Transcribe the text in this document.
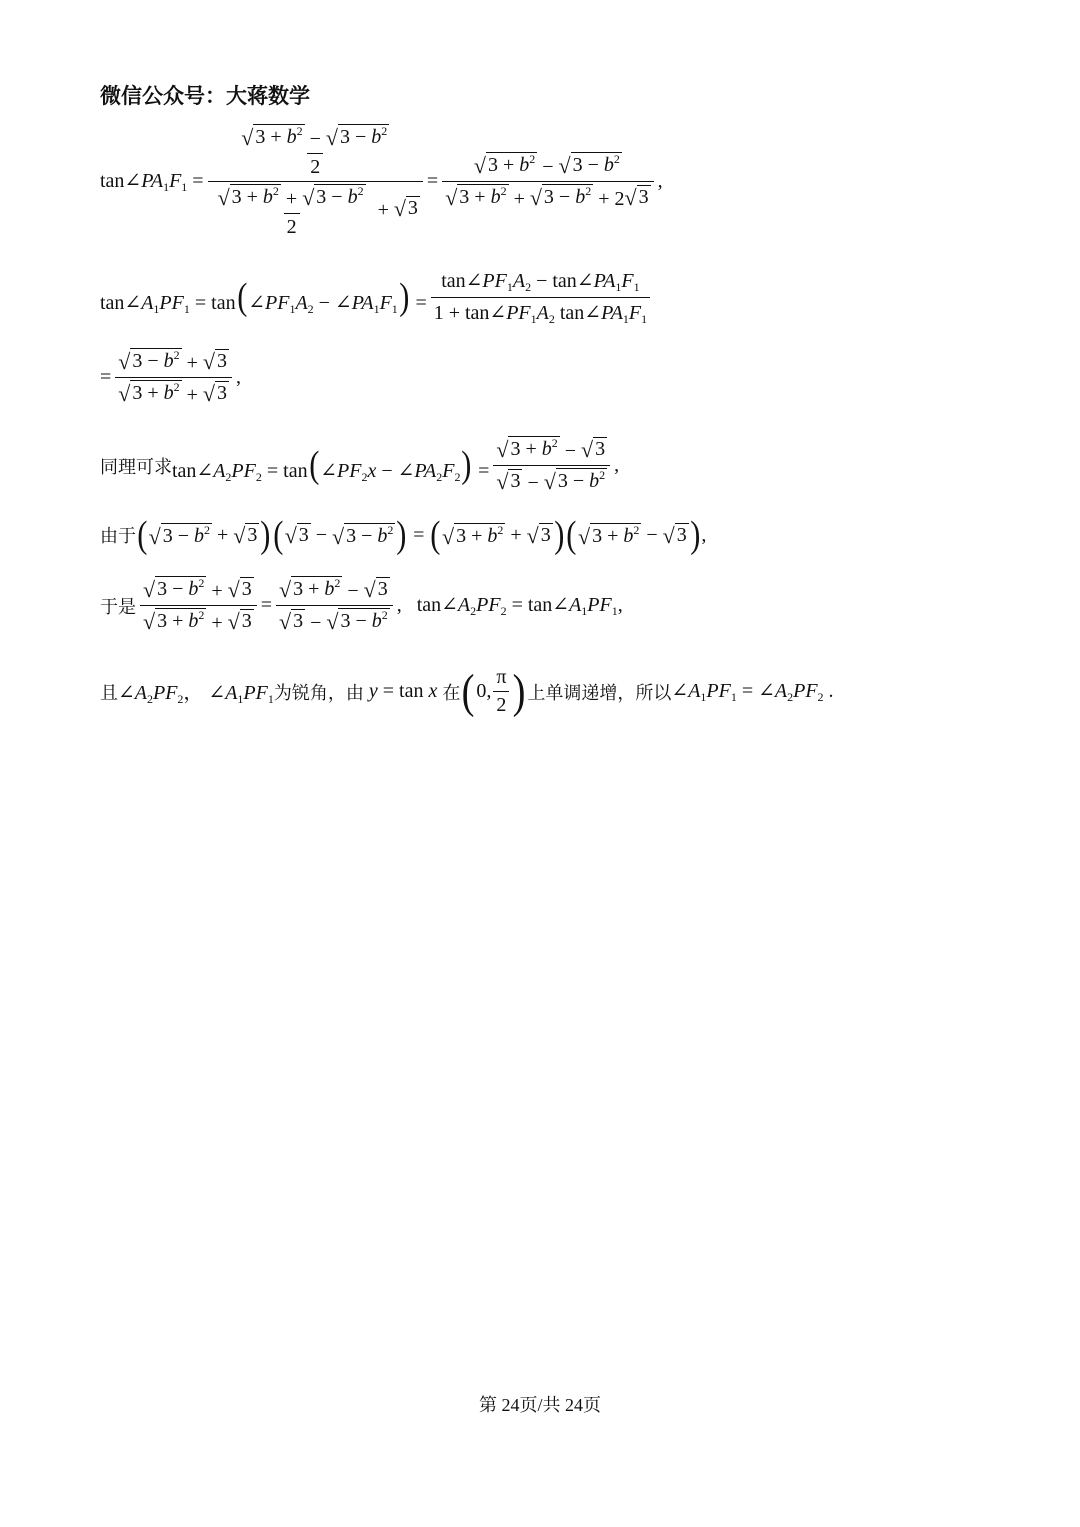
微信公众号：大蒋数学
$\tan\angle PA_1F_1$ =
$\frac{√ 3 + b^2 - √ 3 - b^2}{2}$
$\frac{√ 3 + b^2 + √ 3 - b^2}{2}$ + √ 3
= $\frac{√ 3 + b^2 - √ 3 - b^2}{√ 3 + b^2 + √ 3 - b^2 + 2 √ 3}$ ,
$\tan\angle A_1PF_1$ = $\tan(\angle PF_1A_2$ − $\angle PA_1F_1) = \frac{\tan\angle PF_1A_2 - \tan\angle PA_1F_1}{1 + \tan\angle PF_1A_2 \tan\angle PA_1F_1}$
= $\frac{√ 3 - b^2 + √ 3}{√ 3 + b^2 + √ 3}$ ,
同理可求 $\tan\angle A_2PF_2$ = $\tan(\angle PF_2x$ − $\angle PA_2F_2) = \frac{√ 3 + b^2 - √ 3}{√ 3 - √ 3 - b^2}$ ,
由于 ( √ $3 - b^2$ + √ 3 ) ( √ 3 − √ $3 - b^2$ ) = ( √ $3 + b^2$ + √ 3 ) ( √ $3 + b^2$ − √ 3 ) ,
于是 $\frac{√ 3 - b^2 + √ 3}{√ 3 + b^2 + √ 3} = \frac{√ 3 + b^2 - √ 3}{√ 3 - √ 3 - b^2}$ ,   $\tan\angle A_2PF_2$ = $\tan\angle A_1PF_1$,
且 $\angle A_2PF_2$， $\angle A_1PF_1$ 为锐角，由 y = tan x 在 ( 0, $\frac{\pi}{2}$ ) 上单调递增，所以 $\angle A_1PF_1$ = $\angle A_2PF_2$ .
第 24页/共 24页
